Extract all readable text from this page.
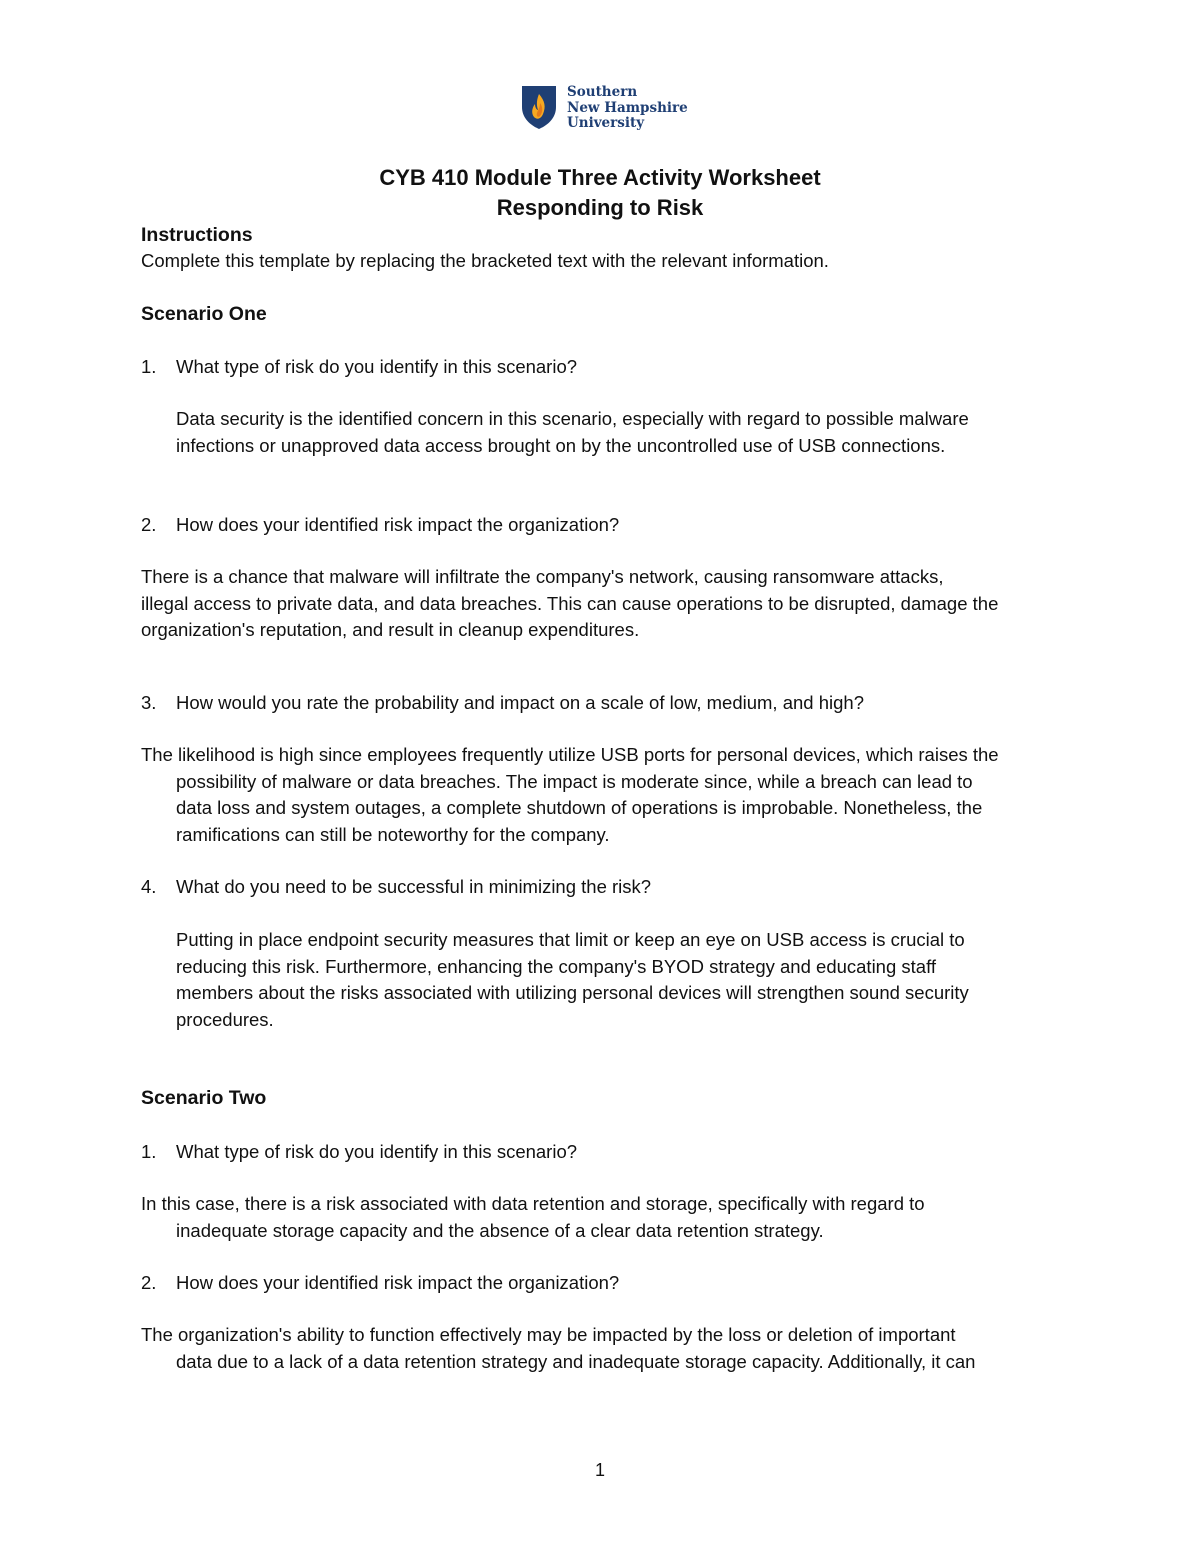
Southern
New Hampshire
University
CYB 410 Module Three Activity Worksheet
Responding to Risk
Instructions
Complete this template by replacing the bracketed text with the relevant information.
Scenario One
1. What type of risk do you identify in this scenario?
Data security is the identified concern in this scenario, especially with regard to possible malware
infections or unapproved data access brought on by the uncontrolled use of USB connections.
2. How does your identified risk impact the organization?
There is a chance that malware will infiltrate the company's network, causing ransomware attacks,
illegal access to private data, and data breaches. This can cause operations to be disrupted, damage the
organization's reputation, and result in cleanup expenditures.
3. How would you rate the probability and impact on a scale of low, medium, and high?
The likelihood is high since employees frequently utilize USB ports for personal devices, which raises the
possibility of malware or data breaches. The impact is moderate since, while a breach can lead to
data loss and system outages, a complete shutdown of operations is improbable. Nonetheless, the
ramifications can still be noteworthy for the company.
4. What do you need to be successful in minimizing the risk?
Putting in place endpoint security measures that limit or keep an eye on USB access is crucial to
reducing this risk. Furthermore, enhancing the company's BYOD strategy and educating staff
members about the risks associated with utilizing personal devices will strengthen sound security
procedures.
Scenario Two
1. What type of risk do you identify in this scenario?
In this case, there is a risk associated with data retention and storage, specifically with regard to
inadequate storage capacity and the absence of a clear data retention strategy.
2. How does your identified risk impact the organization?
The organization's ability to function effectively may be impacted by the loss or deletion of important
data due to a lack of a data retention strategy and inadequate storage capacity. Additionally, it can
1
